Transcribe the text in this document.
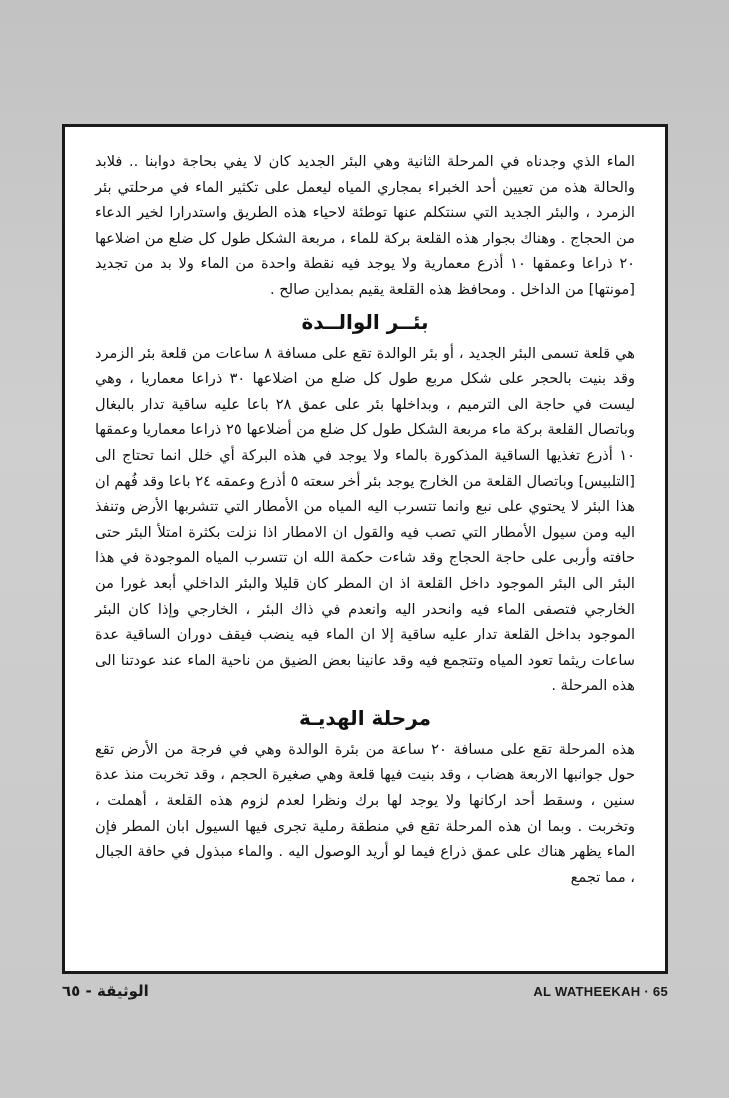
الماء الذي وجدناه في المرحلة الثانية وهي البئر الجديد كان لا يفي بحاجة دوابنا .. فلابد والحالة هذه من تعيين أحد الخبراء بمجاري المياه ليعمل على تكثير الماء في مرحلتي بئر الزمرد ، والبئر الجديد التي سنتكلم عنها توطئة لاحياء هذه الطريق واستدرارا لخير الدعاء من الحجاج . وهناك بجوار هذه القلعة بركة للماء ، مربعة الشكل طول كل ضلع من اضلاعها ٢٠ ذراعا وعمقها ١٠ أذرع معمارية ولا يوجد فيه نقطة واحدة من الماء ولا بد من تجديد [مونتها] من الداخل . ومحافظ هذه القلعة يقيم بمداين صالح .

بئــر الوالــدة

هي قلعة تسمى البئر الجديد ، أو بئر الوالدة تقع على مسافة ٨ ساعات من قلعة بئر الزمرد وقد بنيت بالحجر على شكل مربع طول كل ضلع من اضلاعها ٣٠ ذراعا معماريا ، وهي ليست في حاجة الى الترميم ، وبداخلها بئر على عمق ٢٨ باعا عليه ساقية تدار بالبغال وباتصال القلعة بركة ماء مربعة الشكل طول كل ضلع من أضلاعها ٢٥ ذراعا معماريا وعمقها ١٠ أذرع تغذيها الساقية المذكورة بالماء ولا يوجد في هذه البركة أي خلل انما تحتاج الى [التلبيس] وباتصال القلعة من الخارج يوجد بئر أخر سعته ٥ أذرع وعمقه ٢٤ باعا وقد فُهم ان هذا البئر لا يحتوي على نبع وانما تتسرب اليه المياه من الأمطار التي تتشربها الأرض وتنفذ اليه ومن سيول الأمطار التي تصب فيه والقول ان الامطار اذا نزلت بكثرة امتلأ البئر حتى حافته وأربى على حاجة الحجاج وقد شاءت حكمة الله ان تتسرب المياه الموجودة في هذا البئر الى البئر الموجود داخل القلعة اذ ان المطر كان قليلا والبئر الداخلي أبعد غورا من الخارجي فتصفى الماء فيه وانحدر اليه وانعدم في ذاك البئر ، الخارجي وإذا كان البئر الموجود بداخل القلعة تدار عليه ساقية إلا ان الماء فيه ينضب فيقف دوران الساقية عدة ساعات ريثما تعود المياه وتتجمع فيه وقد عانينا بعض الضيق من ناحية الماء عند عودتنا الى هذه المرحلة .

مرحلة الهديـة

هذه المرحلة تقع على مسافة ٢٠ ساعة من بئرة الوالدة وهي في فرجة من الأرض تقع حول جوانبها الاربعة هضاب ، وقد بنيت فيها قلعة وهي صغيرة الحجم ، وقد تخربت منذ عدة سنين ، وسقط أحد اركانها ولا يوجد لها برك ونظرا لعدم لزوم هذه القلعة ، أهملت ، وتخربت . وبما ان هذه المرحلة تقع في منطقة رملية تجرى فيها السيول ابان المطر فإن الماء يظهر هناك على عمق ذراع فيما لو أريد الوصول اليه . والماء مبذول في حافة الجبال ، مما تجمع

الوثيقة - ٦٥	AL WATHEEKAH · 65
